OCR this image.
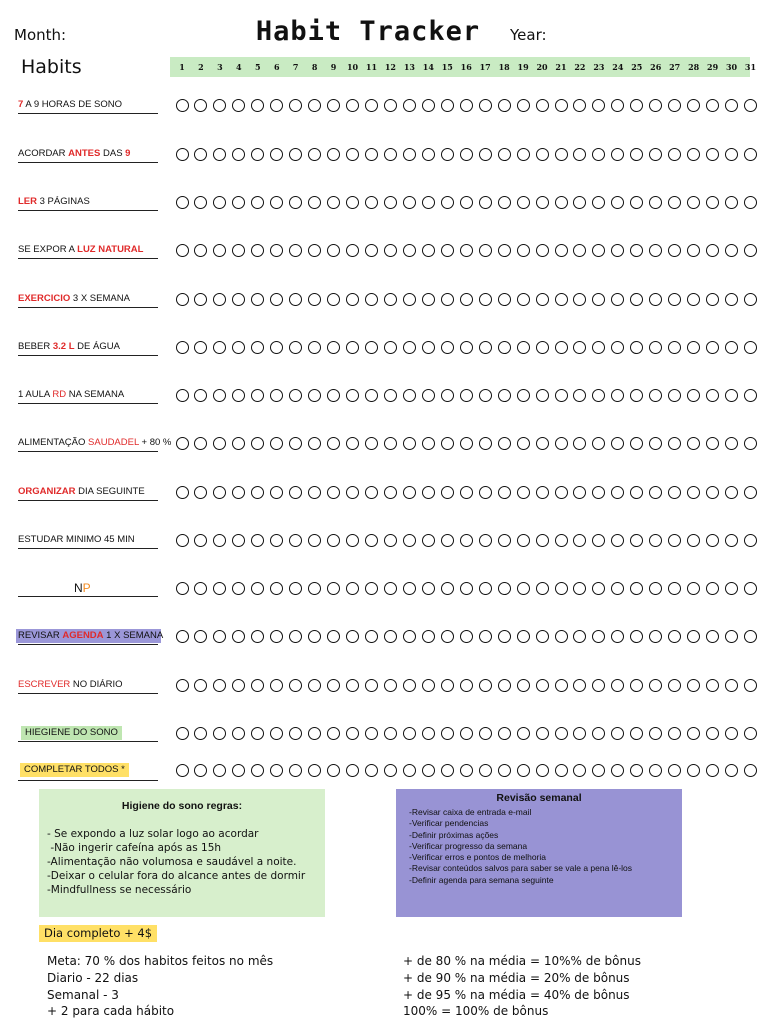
Month:	Habit Tracker	Year:
Habits	1	2	3	4	5	6	7	8	9	10 11 12 13 14 15 16 17 18 19 20 21 22 23 24 25 26 27 28 29 30 31
7 A 9 HORAS DE SONO
ACORDAR ANTES DAS 9
LER 3 PÁGINAS
SE EXPOR A LUZ NATURAL
EXERCICIO 3 X SEMANA
BEBER 3.2 L DE ÁGUA
1 AULA RD NA SEMANA
ALIMENTAÇÃO SAUDADEL + 80 %
ORGANIZAR DIA SEGUINTE
ESTUDAR MINIMO 45 MIN
NP
REVISAR AGENDA 1 X SEMANA
ESCREVER NO DIÁRIO
HIEGIENE DO SONO
COMPLETAR TODOS *
Higiene do sono regras:
- Se expondo a luz solar logo ao acordar
-Não ingerir cafeína após as 15h
-Alimentação não volumosa e saudável a noite.
-Deixar o celular fora do alcance antes de dormir
-Mindfullness se necessário
Revisão semanal
-Revisar caixa de entrada e-mail
-Verificar pendencias
-Definir próximas ações
-Verificar progresso da semana
-Verificar erros e pontos de melhoria
-Revisar conteúdos salvos para saber se vale a pena lê-los
-Definir agenda para semana seguinte
Dia completo + 4$
Meta: 70 % dos habitos feitos no mês
Diario - 22 dias
Semanal - 3
+ 2 para cada hábito
+ de 80 % na média = 10%% de bônus
+ de 90 % na média = 20% de bônus
+ de 95 % na média = 40% de bônus
100% = 100% de bônus
